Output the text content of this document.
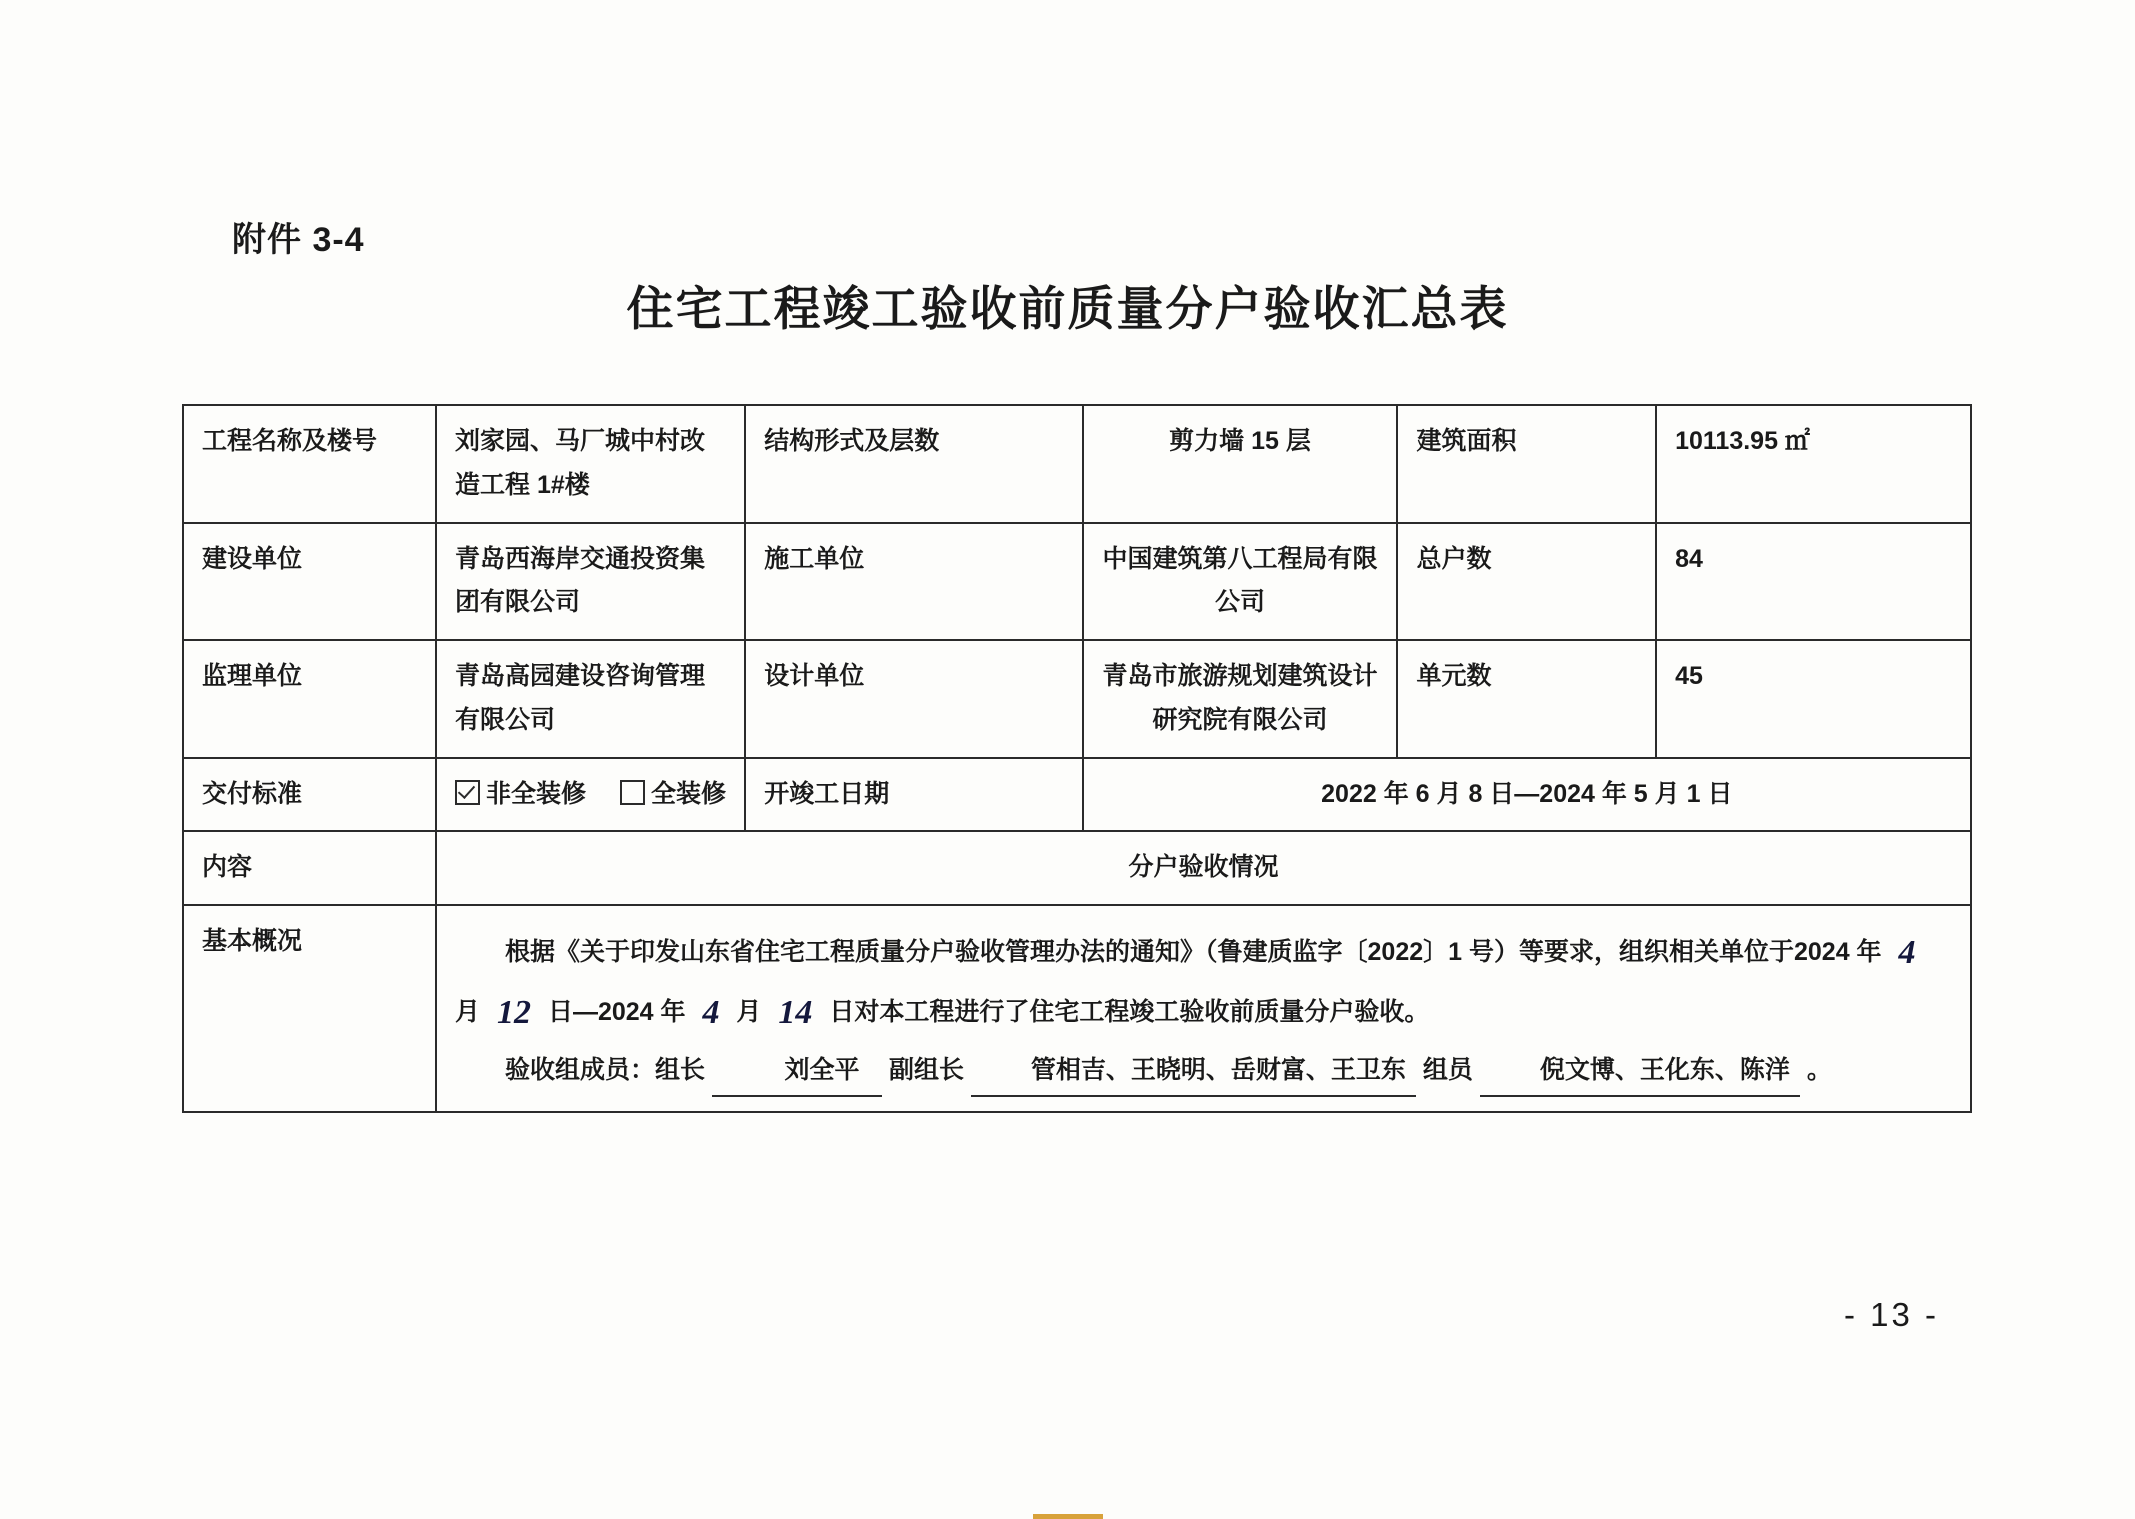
附件 3-4
住宅工程竣工验收前质量分户验收汇总表
工程名称及楼号	刘家园、马厂城中村改造工程 1#楼	结构形式及层数	剪力墙 15 层	建筑面积	10113.95 ㎡
建设单位	青岛西海岸交通投资集团有限公司	施工单位	中国建筑第八工程局有限公司	总户数	84
监理单位	青岛高园建设咨询管理有限公司	设计单位	青岛市旅游规划建筑设计研究院有限公司	单元数	45
交付标准	非全装修 全装修	开竣工日期	2022 年 6 月 8 日—2024 年 5 月 1 日		
内容	分户验收情况				
基本概况	根据《关于印发山东省住宅工程质量分户验收管理办法的通知》（鲁建质监字〔2022〕1 号）等要求，组织相关单位于2024 年 4 月 12 日—2024 年 4 月 14 日对本工程进行了住宅工程竣工验收前质量分户验收。
验收组成员：组长 刘全平 副组长 管相吉、王晓明、岳财富、王卫东 组员 倪文博、王化东、陈洋 。				
- 13 -
